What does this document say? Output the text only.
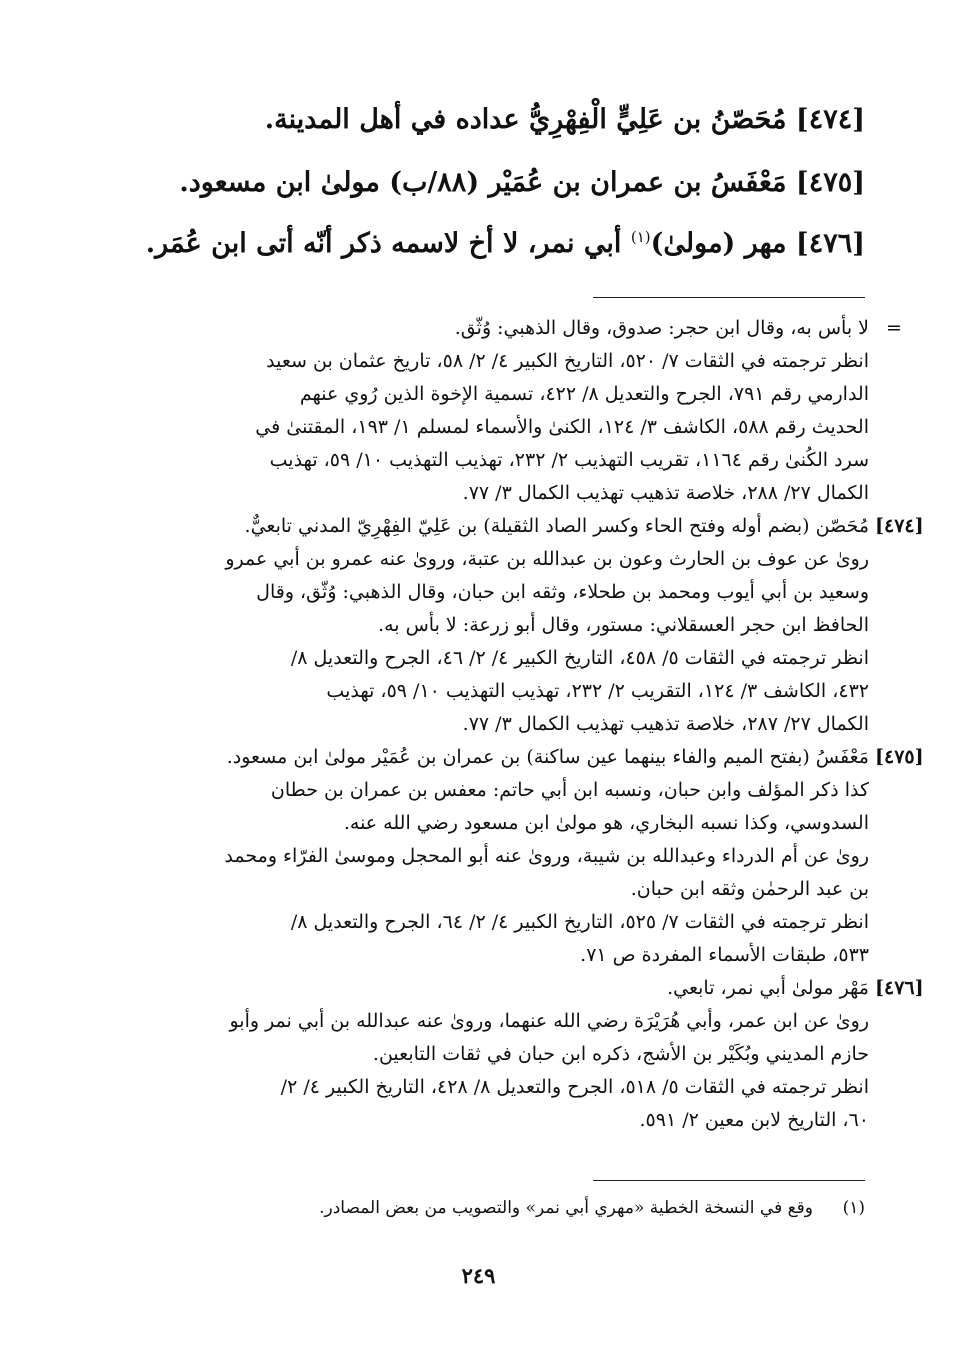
[٤٧٤] مُحَصّنُ بن عَلِيٍّ الْفِهْرِيُّ عداده في أهل المدينة.
[٤٧٥] مَعْفَسُ بن عمران بن عُمَيْر (٨٨/ب) مولىٰ ابن مسعود.
[٤٧٦] مهر (مولىٰ)$^{(١)}$ أبي نمر، لا أخ لاسمه ذكر أنّه أتى ابن عُمَر.
=
لا بأس به، وقال ابن حجر: صدوق، وقال الذهبي: وُثّق.
انظر ترجمته في الثقات ٧/ ٥٢٠، التاريخ الكبير ٤/ ٢/ ٥٨، تاريخ عثمان بن سعيد
الدارمي رقم ٧٩١، الجرح والتعديل ٨/ ٤٢٢، تسمية الإخوة الذين رُوي عنهم
الحديث رقم ٥٨٨، الكاشف ٣/ ١٢٤، الكنىٰ والأسماء لمسلم ١/ ١٩٣، المقتنىٰ في
سرد الكُنىٰ رقم ١١٦٤، تقريب التهذيب ٢/ ٢٣٢، تهذيب التهذيب ١٠/ ٥٩، تهذيب
الكمال ٢٧/ ٢٨٨، خلاصة تذهيب تهذيب الكمال ٣/ ٧٧.
[٤٧٤]
مُحَصّن (بضم أوله وفتح الحاء وكسر الصاد الثقيلة) بن عَلِيّ الفِهْرِيّ المدني تابعيٌّ.
روىٰ عن عوف بن الحارث وعون بن عبدالله بن عتبة، وروىٰ عنه عمرو بن أبي عمرو
وسعيد بن أبي أيوب ومحمد بن طحلاء، وثقه ابن حبان، وقال الذهبي: وُثّق، وقال
الحافظ ابن حجر العسقلاني: مستور، وقال أبو زرعة: لا بأس به.
انظر ترجمته في الثقات ٥/ ٤٥٨، التاريخ الكبير ٤/ ٢/ ٤٦، الجرح والتعديل ٨/
٤٣٢، الكاشف ٣/ ١٢٤، التقريب ٢/ ٢٣٢، تهذيب التهذيب ١٠/ ٥٩، تهذيب
الكمال ٢٧/ ٢٨٧، خلاصة تذهيب تهذيب الكمال ٣/ ٧٧.
[٤٧٥]
مَعْفَسُ (بفتح الميم والفاء بينهما عين ساكنة) بن عمران بن عُمَيْر مولىٰ ابن مسعود.
كذا ذكر المؤلف وابن حبان، ونسبه ابن أبي حاتم: معفس بن عمران بن حطان
السدوسي، وكذا نسبه البخاري، هو مولىٰ ابن مسعود رضي الله عنه.
روىٰ عن أم الدرداء وعبدالله بن شيبة، وروىٰ عنه أبو المحجل وموسىٰ الفرّاء ومحمد
بن عبد الرحمٰن وثقه ابن حبان.
انظر ترجمته في الثقات ٧/ ٥٢٥، التاريخ الكبير ٤/ ٢/ ٦٤، الجرح والتعديل ٨/
٥٣٣، طبقات الأسماء المفردة ص ٧١.
[٤٧٦]
مَهْر مولىٰ أبي نمر، تابعي.
روىٰ عن ابن عمر، وأبي هُرَيْرَة رضي الله عنهما، وروىٰ عنه عبدالله بن أبي نمر وأبو
حازم المديني وبُكَيْر بن الأشج، ذكره ابن حبان في ثقات التابعين.
انظر ترجمته في الثقات ٥/ ٥١٨، الجرح والتعديل ٨/ ٤٢٨، التاريخ الكبير ٤/ ٢/
٦٠، التاريخ لابن معين ٢/ ٥٩١.
(١)وقع في النسخة الخطية «مهري أبي نمر» والتصويب من بعض المصادر.
٢٤٩
